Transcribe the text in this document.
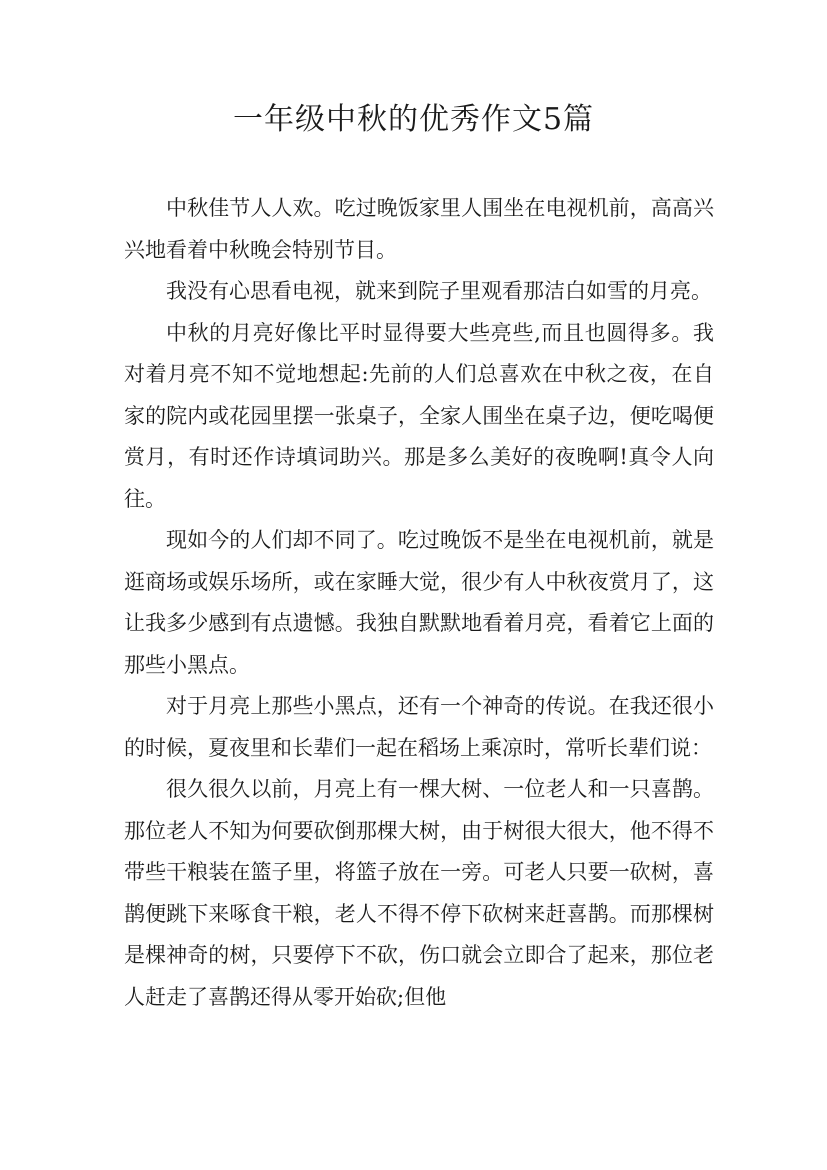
一年级中秋的优秀作文5篇

中秋佳节人人欢。吃过晚饭家里人围坐在电视机前，高高兴兴地看着中秋晚会特别节目。

我没有心思看电视，就来到院子里观看那洁白如雪的月亮。

中秋的月亮好像比平时显得要大些亮些,而且也圆得多。我对着月亮不知不觉地想起:先前的人们总喜欢在中秋之夜，在自家的院内或花园里摆一张桌子，全家人围坐在桌子边，便吃喝便赏月，有时还作诗填词助兴。那是多么美好的夜晚啊!真令人向往。

现如今的人们却不同了。吃过晚饭不是坐在电视机前，就是逛商场或娱乐场所，或在家睡大觉，很少有人中秋夜赏月了，这让我多少感到有点遗憾。我独自默默地看着月亮，看着它上面的那些小黑点。

对于月亮上那些小黑点，还有一个神奇的传说。在我还很小的时候，夏夜里和长辈们一起在稻场上乘凉时，常听长辈们说：

很久很久以前，月亮上有一棵大树、一位老人和一只喜鹊。那位老人不知为何要砍倒那棵大树，由于树很大很大，他不得不带些干粮装在篮子里，将篮子放在一旁。可老人只要一砍树，喜鹊便跳下来啄食干粮，老人不得不停下砍树来赶喜鹊。而那棵树是棵神奇的树，只要停下不砍，伤口就会立即合了起来，那位老人赶走了喜鹊还得从零开始砍;但他
